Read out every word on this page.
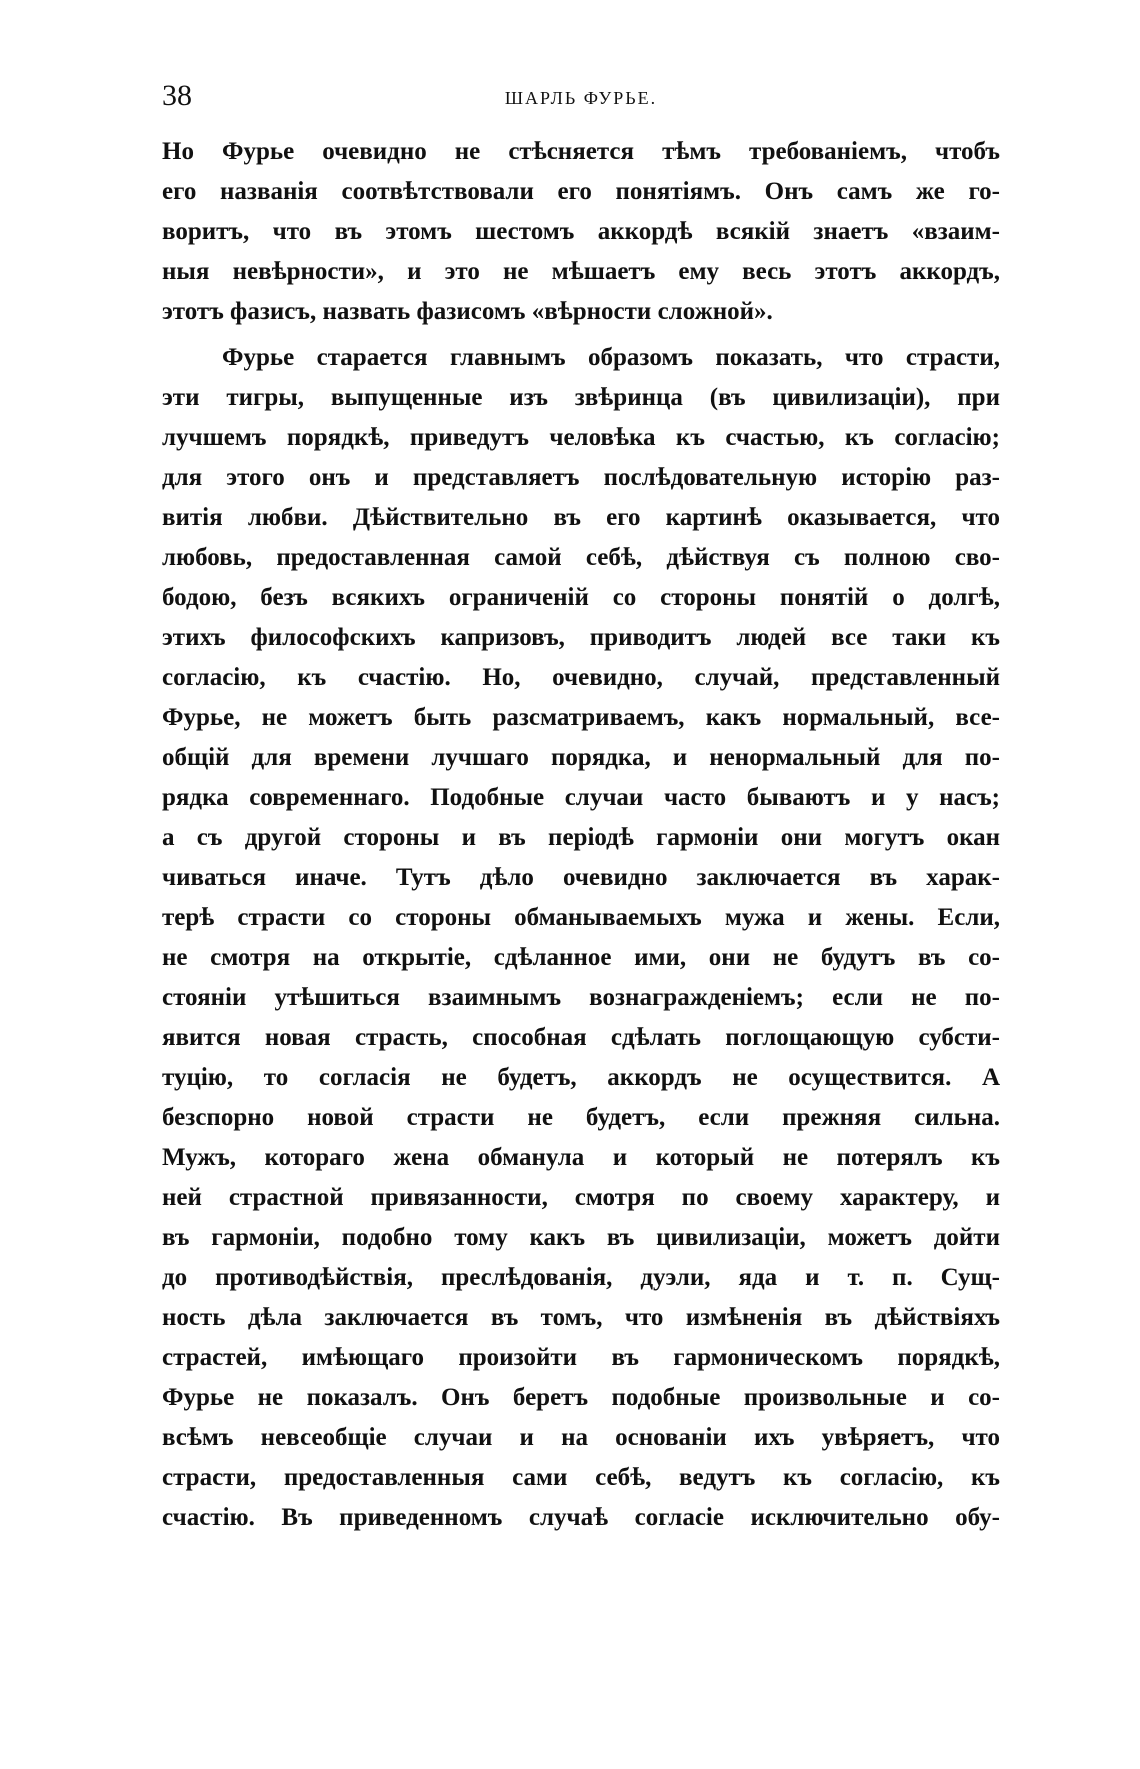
38	ШАРЛЬ ФУРЬЕ.
Но Фурье очевидно не стѣсняется тѣмъ требованіемъ, чтобъ
его названія соотвѣтствовали его понятіямъ. Онъ самъ же го-
воритъ, что въ этомъ шестомъ аккордѣ всякій знаетъ «взаим-
ныя невѣрности», и это не мѣшаетъ ему весь этотъ аккордъ,
этотъ фазисъ, назвать фазисомъ «вѣрности сложной».
Фурье старается главнымъ образомъ показать, что страсти,
эти тигры, выпущенные изъ звѣринца (въ цивилизаціи), при
лучшемъ порядкѣ, приведутъ человѣка къ счастью, къ согласію;
для этого онъ и представляетъ послѣдовательную исторію раз-
витія любви. Дѣйствительно въ его картинѣ оказывается, что
любовь, предоставленная самой себѣ, дѣйствуя съ полною сво-
бодою, безъ всякихъ ограниченій со стороны понятій о долгѣ,
этихъ философскихъ капризовъ, приводитъ людей все таки къ
согласію, къ счастію. Но, очевидно, случай, представленный
Фурье, не можетъ быть разсматриваемъ, какъ нормальный, все-
общій для времени лучшаго порядка, и ненормальный для по-
рядка современнаго. Подобные случаи часто бываютъ и у насъ;
а съ другой стороны и въ періодѣ гармоніи они могутъ окан
чиваться иначе. Тутъ дѣло очевидно заключается въ харак-
терѣ страсти со стороны обманываемыхъ мужа и жены. Если,
не смотря на открытіе, сдѣланное ими, они не будутъ въ со-
стояніи утѣшиться взаимнымъ вознагражденіемъ; если не по-
явится новая страсть, способная сдѣлать поглощающую субсти-
туцію, то согласія не будетъ, аккордъ не осуществится. А
безспорно новой страсти не будетъ, если прежняя сильна.
Мужъ, котораго жена обманула и который не потерялъ къ
ней страстной привязанности, смотря по своему характеру, и
въ гармоніи, подобно тому какъ въ цивилизаціи, можетъ дойти
до противодѣйствія, преслѣдованія, дуэли, яда и т. п. Сущ-
ность дѣла заключается въ томъ, что измѣненія въ дѣйствіяхъ
страстей, имѣющаго произойти въ гармоническомъ порядкѣ,
Фурье не показалъ. Онъ беретъ подобные произвольные и со-
всѣмъ невсеобщіе случаи и на основаніи ихъ увѣряетъ, что
страсти, предоставленныя сами себѣ, ведутъ къ согласію, къ
счастію. Въ приведенномъ случаѣ согласіе исключительно обу-
